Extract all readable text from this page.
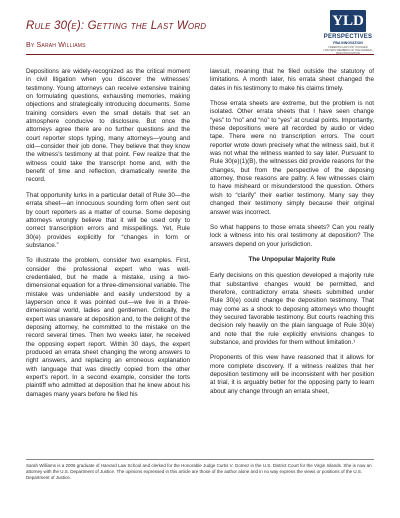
Rule 30(e): Getting the Last Word
By Sarah Williams
YLD
PERSPECTIVES
FBA INNOVATION
FREEDOM LAW FOR YOUNGER LAWYERS MEMBERS OF THE FEDERAL BAR ASSOCIATION

Depositions are widely-recognized as the critical moment in civil litigation when you discover the witnesses' testimony. Young attorneys can receive extensive training on formulating questions, exhausting memories, making objections and strategically introducing documents. Some training considers even the small details that set an atmosphere conducive to disclosure. But once the attorneys agree there are no further questions and the court reporter stops typing, many attorneys—young and old—consider their job done. They believe that they know the witness's testimony at that point. Few realize that the witness could take the transcript home and, with the benefit of time and reflection, dramatically rewrite the record.

That opportunity lurks in a particular detail of Rule 30—the errata sheet—an innocuous sounding form often sent out by court reporters as a matter of course. Some deposing attorneys wrongly believe that it will be used only to correct transcription errors and misspellings. Yet, Rule 30(e) provides explicitly for “changes in form or substance.”

To illustrate the problem, consider two examples. First, consider the professional expert who was well-credentialed, but he made a mistake, using a two-dimensional equation for a three-dimensional variable. The mistake was undeniable and easily understood by a layperson once it was pointed out—we live in a three-dimensional world, ladies and gentlemen. Critically, the expert was unaware at deposition and, to the delight of the deposing attorney, he committed to the mistake on the record several times. Then two weeks later, he received the opposing expert report. Within 30 days, the expert produced an errata sheet changing the wrong answers to right answers, and replacing an erroneous explanation with language that was directly copied from the other expert's report. In a second example, consider the torts plaintiff who admitted at deposition that he knew about his damages many years before he filed his

lawsuit, meaning that he filed outside the statutory of limitations. A month later, his errata sheet changed the dates in his testimony to make his claims timely.

Those errata sheets are extreme, but the problem is not isolated. Other errata sheets that I have seen change “yes” to “no” and “no” to “yes” at crucial points. Importantly, these depositions were all recorded by audio or video tape. There were no transcription errors. The court reporter wrote down precisely what the witness said, but it was not what the witness wanted to say later. Pursuant to Rule 30(e)(1)(B), the witnesses did provide reasons for the changes, but from the perspective of the deposing attorney, those reasons are paltry. A few witnesses claim to have misheard or misunderstood the question. Others wish to “clarify” their earlier testimony. Many say they changed their testimony simply because their original answer was incorrect.

So what happens to those errata sheets? Can you really lock a witness into his oral testimony at deposition? The answers depend on your jurisdiction.

The Unpopular Majority Rule

Early decisions on this question developed a majority rule that substantive changes would be permitted, and therefore, contradictory errata sheets submitted under Rule 30(e) could change the deposition testimony. That may come as a shock to deposing attorneys who thought they secured favorable testimony. But courts reaching this decision rely heavily on the plain language of Rule 30(e) and note that the rule explicitly envisions changes to substance, and provides for them without limitation.¹

Proponents of this view have reasoned that it allows for more complete discovery. If a witness realizes that her deposition testimony will be inconsistent with her position at trial, it is arguably better for the opposing party to learn about any change through an errata sheet,

Sarah Williams is a 2006 graduate of Harvard Law School and clerked for the Honorable Judge Curtis V. Gomez in the U.S. District Court for the Virgin Islands. She is now an attorney with the U.S. Department of Justice. The opinions expressed in this article are those of the author alone and in no way express the views or positions of the U.S. Department of Justice.
